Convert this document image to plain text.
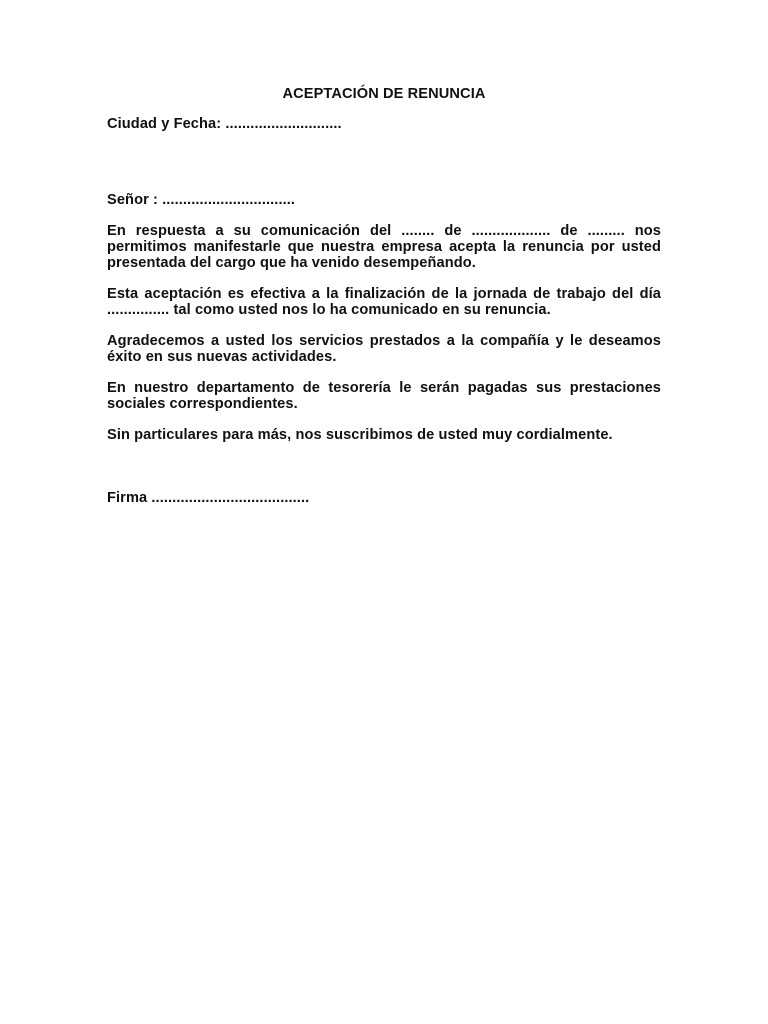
ACEPTACIÓN DE RENUNCIA
Ciudad y Fecha: ............................
Señor : ................................
En respuesta a su comunicación del ........ de ................... de ......... nos permitimos manifestarle que nuestra empresa acepta la renuncia por usted presentada del cargo que ha venido desempeñando.
Esta aceptación es efectiva a la finalización de la jornada de trabajo del día ............... tal como usted nos lo ha comunicado en su renuncia.
Agradecemos a usted los servicios prestados a la compañía y le deseamos éxito en sus nuevas actividades.
En nuestro departamento de tesorería le serán pagadas sus prestaciones sociales correspondientes.
Sin particulares para más, nos suscribimos de usted muy cordialmente.
Firma ......................................
